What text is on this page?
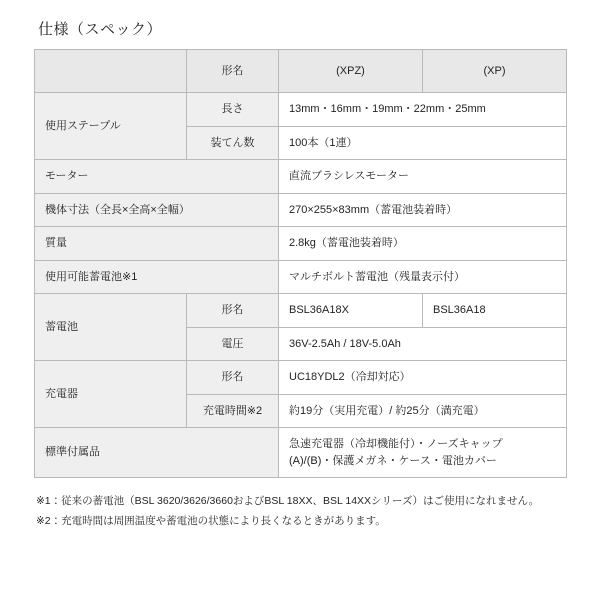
仕様（スペック）
	形名	(XPZ)	(XP)
使用ステープル	長さ	13mm・16mm・19mm・22mm・25mm	
	装てん数	100本（1連）	
モーター		直流ブラシレスモーター	
機体寸法（全長×全高×全幅）		270×255×83mm（蓄電池装着時）	
質量		2.8kg（蓄電池装着時）	
使用可能蓄電池※1		マルチボルト蓄電池（残量表示付）	
蓄電池	形名	BSL36A18X	BSL36A18
	電圧	36V-2.5Ah / 18V-5.0Ah	
充電器	形名	UC18YDL2（冷却対応）	
	充電時間※2	約19分（実用充電）/ 約25分（満充電）	
標準付属品		急速充電器（冷却機能付）・ノーズキャップ
(A)/(B)・保護メガネ・ケース・電池カバー	
※1：従来の蓄電池（BSL 3620/3626/3660およびBSL 18XX、BSL 14XXシリーズ）はご使用になれません。
※2：充電時間は周囲温度や蓄電池の状態により長くなるときがあります。
